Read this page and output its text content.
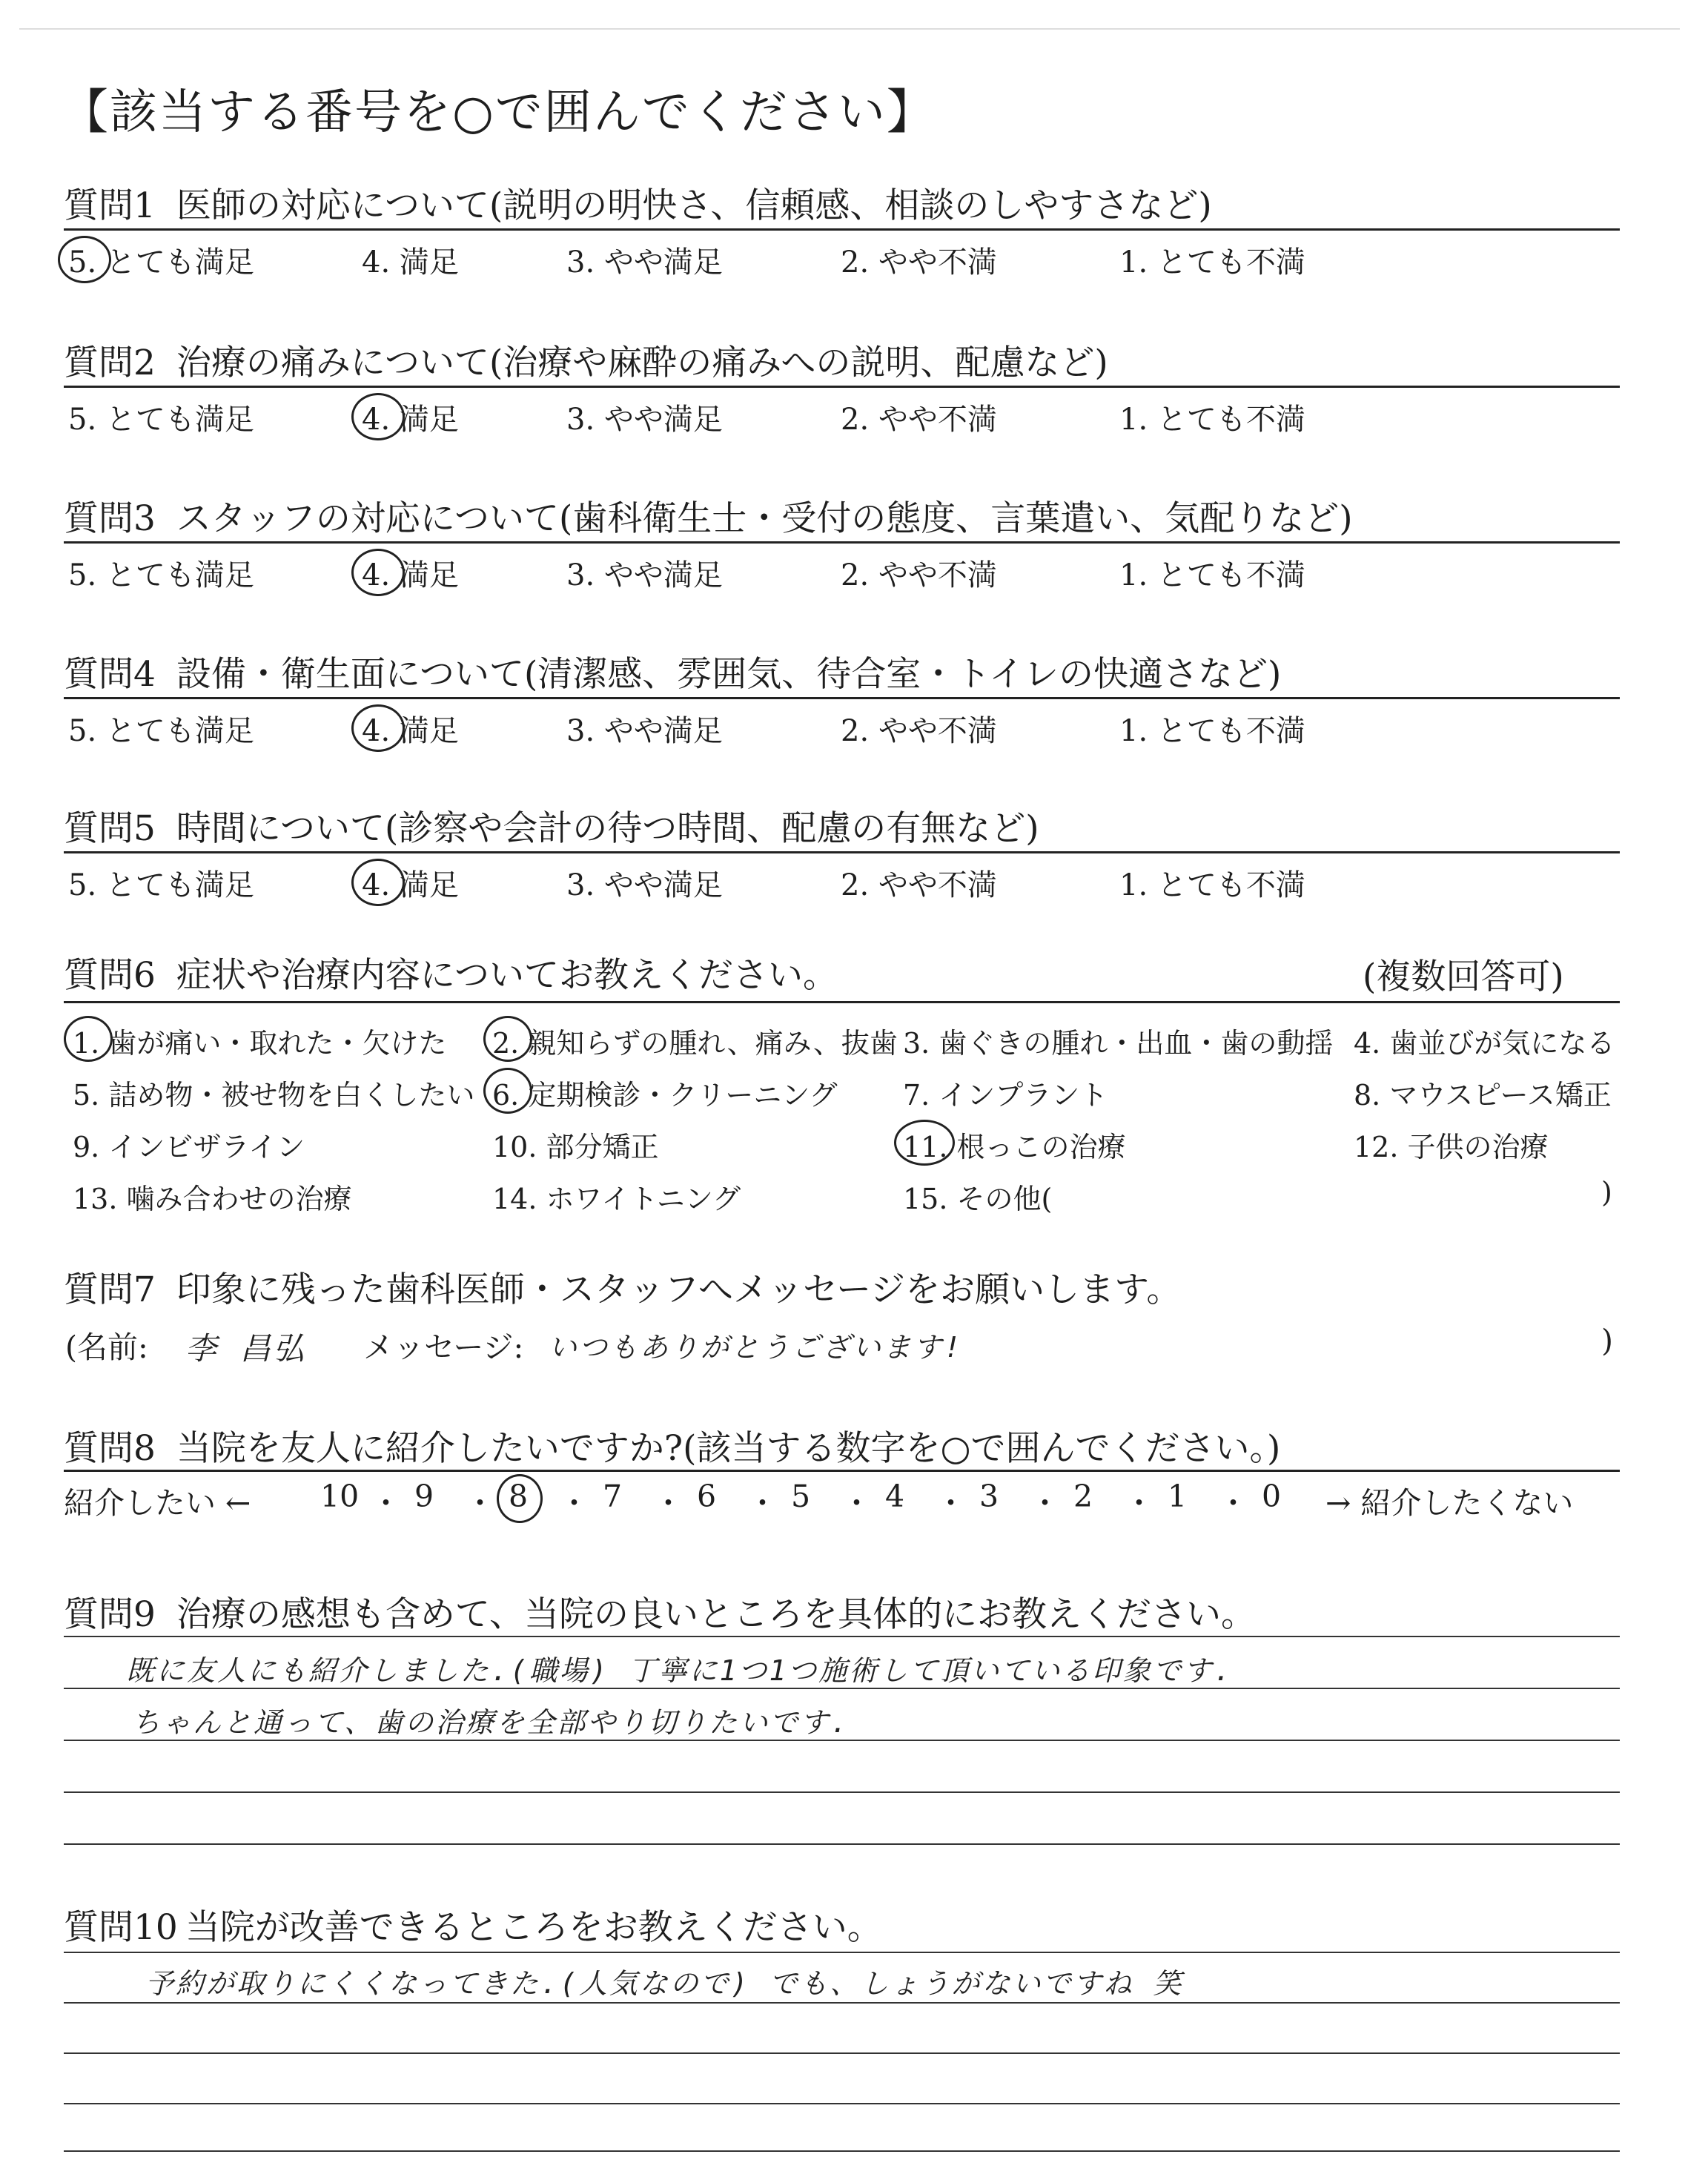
【該当する番号を○で囲んでください】
質問1 医師の対応について(説明の明快さ、信頼感、相談のしやすさなど)
5. とても満足	4. 満足	3. やや満足	2. やや不満	1. とても不満
質問2 治療の痛みについて(治療や麻酔の痛みへの説明、配慮など)
5. とても満足	4. 満足	3. やや満足	2. やや不満	1. とても不満
質問3 スタッフの対応について(歯科衛生士・受付の態度、言葉遣い、気配りなど)
5. とても満足	4. 満足	3. やや満足	2. やや不満	1. とても不満
質問4 設備・衛生面について(清潔感、雰囲気、待合室・トイレの快適さなど)
5. とても満足	4. 満足	3. やや満足	2. やや不満	1. とても不満
質問5 時間について(診察や会計の待つ時間、配慮の有無など)
5. とても満足	4. 満足	3. やや満足	2. やや不満	1. とても不満
質問6 症状や治療内容についてお教えください。	(複数回答可)
1. 歯が痛い・取れた・欠けた 2. 親知らずの腫れ、痛み、抜歯 3. 歯ぐきの腫れ・出血・歯の動揺 4. 歯並びが気になる
5. 詰め物・被せ物を白くしたい 6. 定期検診・クリーニング 7. インプラント	8. マウスピース矯正
9. インビザライン	10. 部分矯正	11. 根っこの治療	12. 子供の治療
13. 噛み合わせの治療	14. ホワイトニング	15. その他(	)
質問7 印象に残った歯科医師・スタッフへメッセージをお願いします。
(名前: 李 昌弘 メッセージ: いつもありがとうございます!	)
質問8 当院を友人に紹介したいですか?(該当する数字を○で囲んでください。)
紹介したい ←	→ 紹介したくない
10 ・ 9 ・ 8 ・ 7 ・ 6 ・ 5 ・ 4 ・ 3 ・ 2 ・ 1 ・ 0
質問9 治療の感想も含めて、当院の良いところを具体的にお教えください。
既に友人にも紹介しました.(職場) 丁寧に1つ1つ施術して頂いている印象です.
ちゃんと通って、歯の治療を全部やり切りたいです.
質問10 当院が改善できるところをお教えください。
予約が取りにくくなってきた.(人気なので) でも、しょうがないですね 笑
